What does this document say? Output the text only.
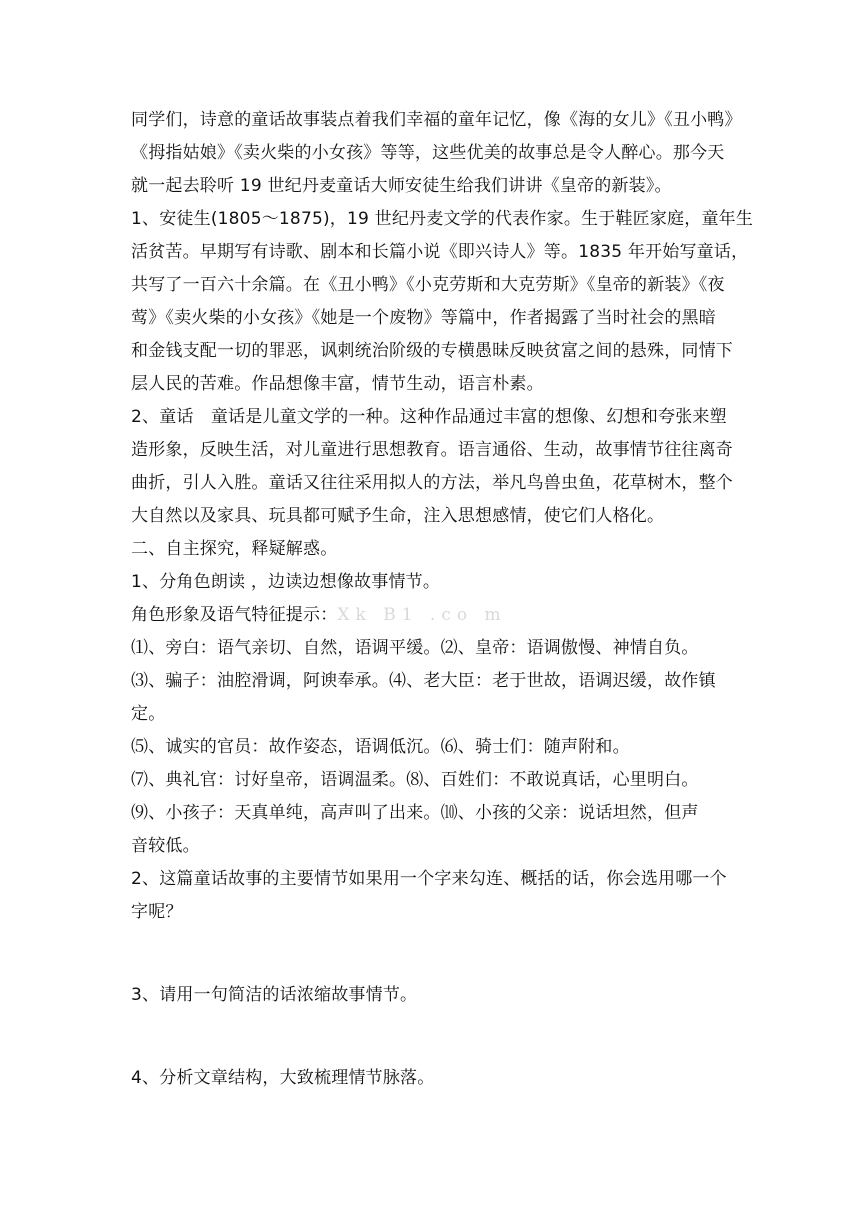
同学们，诗意的童话故事装点着我们幸福的童年记忆，像《海的女儿》《丑小鸭》
《拇指姑娘》《卖火柴的小女孩》等等，这些优美的故事总是令人醉心。那今天
就一起去聆听 19 世纪丹麦童话大师安徒生给我们讲讲《皇帝的新装》。
1、安徒生(1805～1875)，19 世纪丹麦文学的代表作家。生于鞋匠家庭，童年生
活贫苦。早期写有诗歌、剧本和长篇小说《即兴诗人》等。1835 年开始写童话，
共写了一百六十余篇。在《丑小鸭》《小克劳斯和大克劳斯》《皇帝的新装》《夜
莺》《卖火柴的小女孩》《她是一个废物》等篇中，作者揭露了当时社会的黑暗
和金钱支配一切的罪恶，讽刺统治阶级的专横愚昧反映贫富之间的悬殊，同情下
层人民的苦难。作品想像丰富，情节生动，语言朴素。
2、童话　童话是儿童文学的一种。这种作品通过丰富的想像、幻想和夸张来塑
造形象，反映生活，对儿童进行思想教育。语言通俗、生动，故事情节往往离奇
曲折，引人入胜。童话又往往采用拟人的方法，举凡鸟兽虫鱼，花草树木，整个
大自然以及家具、玩具都可赋予生命，注入思想感情，使它们人格化。
二、自主探究，释疑解惑。
1、分角色朗读 ，边读边想像故事情节。
角色形象及语气特征提示：Xk B1 .co m
⑴、旁白：语气亲切、自然，语调平缓。⑵、皇帝：语调傲慢、神情自负。
⑶、骗子：油腔滑调，阿谀奉承。⑷、老大臣：老于世故，语调迟缓，故作镇
定。
⑸、诚实的官员：故作姿态，语调低沉。⑹、骑士们：随声附和。
⑺、典礼官：讨好皇帝，语调温柔。⑻、百姓们：不敢说真话，心里明白。
⑼、小孩子：天真单纯，高声叫了出来。⑽、小孩的父亲：说话坦然，但声
音较低。
2、这篇童话故事的主要情节如果用一个字来勾连、概括的话，你会选用哪一个
字呢？
3、请用一句简洁的话浓缩故事情节。
4、分析文章结构，大致梳理情节脉落。
